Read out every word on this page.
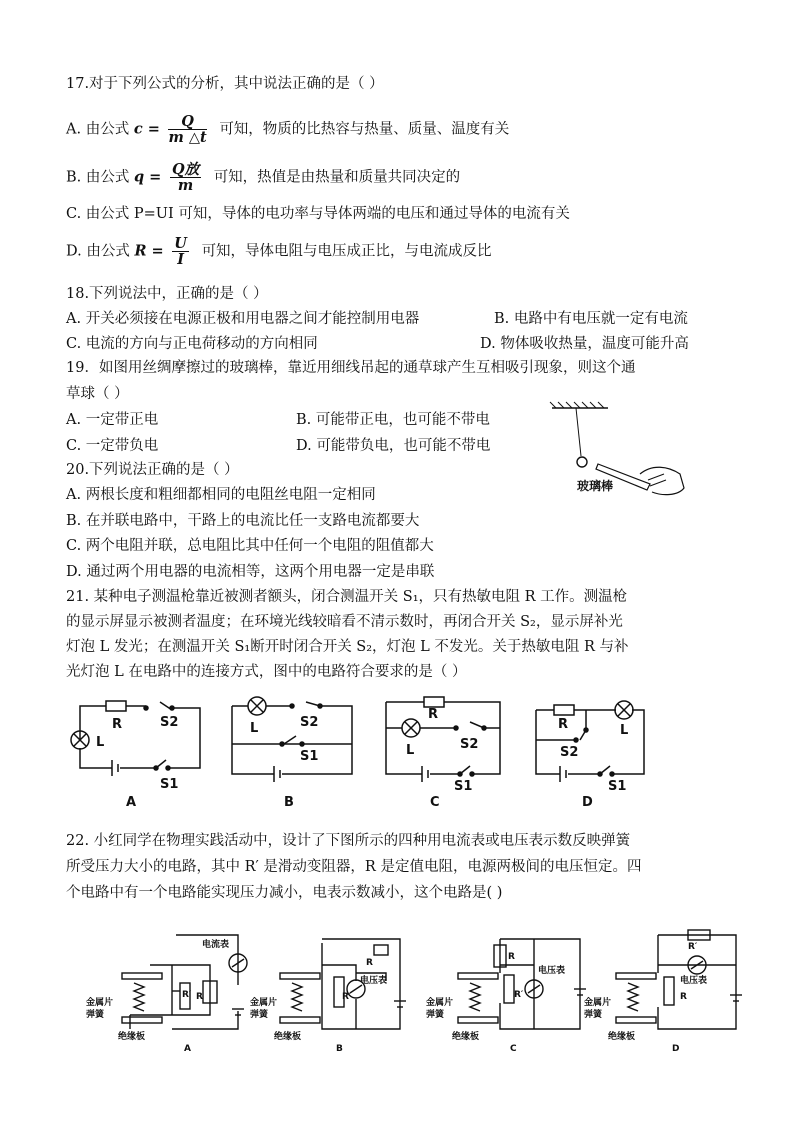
17.对于下列公式的分析，其中说法正确的是（ ）
A. 由公式 $c = \frac{Q}{m \triangle t}$ 可知，物质的比热容与热量、质量、温度有关
B. 由公式 $q = \frac{\text{Q放}}{m}$ 可知，热值是由热量和质量共同决定的
C. 由公式 P=UI 可知，导体的电功率与导体两端的电压和通过导体的电流有关
D. 由公式 $R = \frac{U}{I}$ 可知，导体电阻与电压成正比，与电流成反比
18.下列说法中，正确的是（ ）
A. 开关必须接在电源正极和用电器之间才能控制用电器	B. 电路中有电压就一定有电流
C. 电流的方向与正电荷移动的方向相同	D. 物体吸收热量，温度可能升高
19．如图用丝绸摩擦过的玻璃棒，靠近用细线吊起的通草球产生互相吸引现象，则这个通
草球（ ）
A. 一定带正电	B. 可能带正电，也可能不带电
C. 一定带负电	D. 可能带负电，也可能不带电
玻璃棒
20.下列说法正确的是（ ）
A. 两根长度和粗细都相同的电阻丝电阻一定相同
B. 在并联电路中，干路上的电流比任一支路电流都要大
C. 两个电阻并联，总电阻比其中任何一个电阻的阻值都大
D. 通过两个用电器的电流相等，这两个用电器一定是串联
21. 某种电子测温枪靠近被测者额头，闭合测温开关 S₁，只有热敏电阻 R 工作。测温枪
的显示屏显示被测者温度；在环境光线较暗看不清示数时，再闭合开关 S₂，显示屏补光
灯泡 L 发光；在测温开关 S₁断开时闭合开关 S₂，灯泡 L 不发光。关于热敏电阻 R 与补
光灯泡 L 在电路中的连接方式，图中的电路符合要求的是（ ）
R	S2
L
S1
A
L	S2
S1
B
R
L	S2
S1
C
R	L
S2
S1
D
22. 小红同学在物理实践活动中，设计了下图所示的四种用电流表或电压表示数反映弹簧
所受压力大小的电路，其中 R′ 是滑动变阻器，R 是定值电阻，电源两极间的电压恒定。四
个电路中有一个电路能实现压力减小，电表示数减小，这个电路是( )
电流表
金属片
弹簧
绝缘板
R′ R
A
R
电压表
金属片
弹簧
绝缘板
R′
B
R
电压表
金属片
弹簧
绝缘板
R′
C
R′
电压表
金属片
弹簧
绝缘板
R
D
